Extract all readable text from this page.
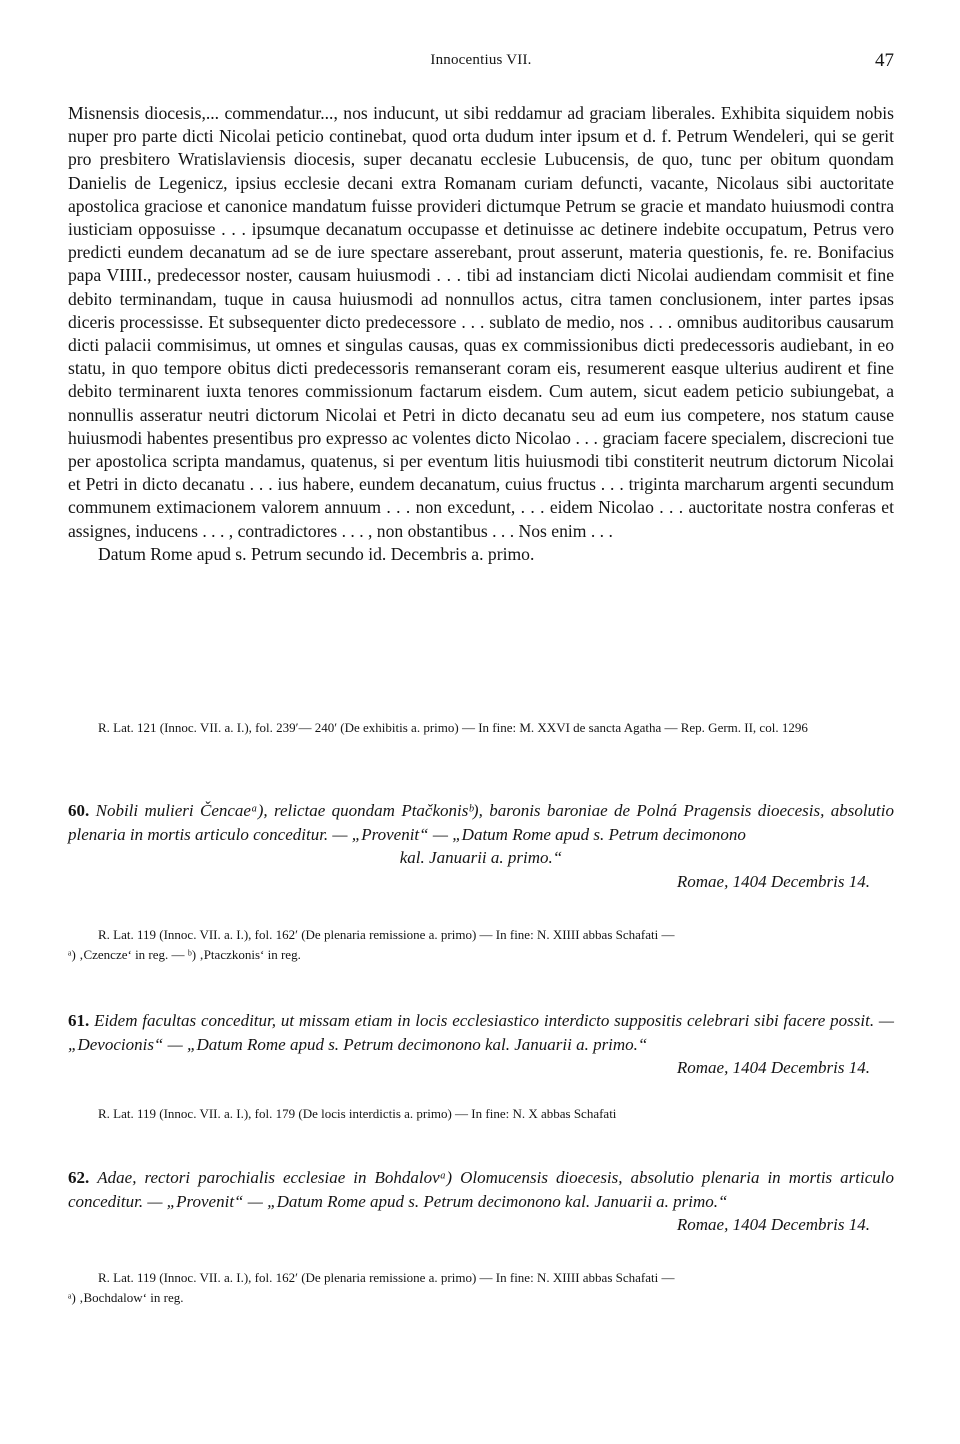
Innocentius VII.	47

Misnensis diocesis,... commendatur..., nos inducunt, ut sibi reddamur ad graciam liberales. Exhibita siquidem nobis nuper pro parte dicti Nicolai peticio continebat, quod orta dudum inter ipsum et d. f. Petrum Wendeleri, qui se gerit pro presbitero Wratislaviensis diocesis, super decanatu ecclesie Lubucensis, de quo, tunc per obitum quondam Danielis de Legenicz, ipsius ecclesie decani extra Romanam curiam defuncti, vacante, Nicolaus sibi auctoritate apostolica graciose et canonice mandatum fuisse provideri dictumque Petrum se gracie et mandato huiusmodi contra iusticiam opposuisse . . . ipsumque decanatum occupasse et detinuisse ac detinere indebite occupatum, Petrus vero predicti eundem decanatum ad se de iure spectare asserebant, prout asserunt, materia questionis, fe. re. Bonifacius papa VIIII., predecessor noster, causam huiusmodi . . . tibi ad instanciam dicti Nicolai audiendam commisit et fine debito terminandam, tuque in causa huiusmodi ad nonnullos actus, citra tamen conclusionem, inter partes ipsas diceris processisse. Et subsequenter dicto predecessore . . . sublato de medio, nos . . . omnibus auditoribus causarum dicti palacii commisimus, ut omnes et singulas causas, quas ex commissionibus dicti predecessoris audiebant, in eo statu, in quo tempore obitus dicti predecessoris remanserant coram eis, resumerent easque ulterius audirent et fine debito terminarent iuxta tenores commissionum factarum eisdem. Cum autem, sicut eadem peticio subiungebat, a nonnullis asseratur neutri dictorum Nicolai et Petri in dicto decanatu seu ad eum ius competere, nos statum cause huiusmodi habentes presentibus pro expresso ac volentes dicto Nicolao . . . graciam facere specialem, discrecioni tue per apostolica scripta mandamus, quatenus, si per eventum litis huiusmodi tibi constiterit neutrum dictorum Nicolai et Petri in dicto decanatu . . . ius habere, eundem decanatum, cuius fructus . . . triginta marcharum argenti secundum communem extimacionem valorem annuum . . . non excedunt, . . . eidem Nicolao . . . auctoritate nostra conferas et assignes, inducens . . . , contradictores . . . , non obstantibus . . . Nos enim . . .

Datum Rome apud s. Petrum secundo id. Decembris a. primo.

R. Lat. 121 (Innoc. VII. a. I.), fol. 239′— 240′ (De exhibitis a. primo) — In fine: M. XXVI de sancta Agatha — Rep. Germ. II, col. 1296

60. Nobili mulieri Čencaeᵃ), relictae quondam Ptačkonisᵇ), baronis baroniae de Polná Pragensis dioecesis, absolutio plenaria in mortis articulo conceditur. — „Provenit“ — „Datum Rome apud s. Petrum decimonono

kal. Januarii a. primo.“

Romae, 1404 Decembris 14.

R. Lat. 119 (Innoc. VII. a. I.), fol. 162′ (De plenaria remissione a. primo) — In fine: N. XIIII abbas Schafati —

ᵃ) ‚Czencze‘ in reg. — ᵇ) ‚Ptaczkonis‘ in reg.

61. Eidem facultas conceditur, ut missam etiam in locis ecclesiastico interdicto suppositis celebrari sibi facere possit. — „Devocionis“ — „Datum Rome apud s. Petrum decimonono kal. Januarii a. primo.“

Romae, 1404 Decembris 14.

R. Lat. 119 (Innoc. VII. a. I.), fol. 179 (De locis interdictis a. primo) — In fine: N. X abbas Schafati

62. Adae, rectori parochialis ecclesiae in Bohdalovᵃ) Olomucensis dioecesis, absolutio plenaria in mortis articulo conceditur. — „Provenit“ — „Datum Rome apud s. Petrum decimonono kal. Januarii a. primo.“

Romae, 1404 Decembris 14.

R. Lat. 119 (Innoc. VII. a. I.), fol. 162′ (De plenaria remissione a. primo) — In fine: N. XIIII abbas Schafati —

ᵃ) ‚Bochdalow‘ in reg.
